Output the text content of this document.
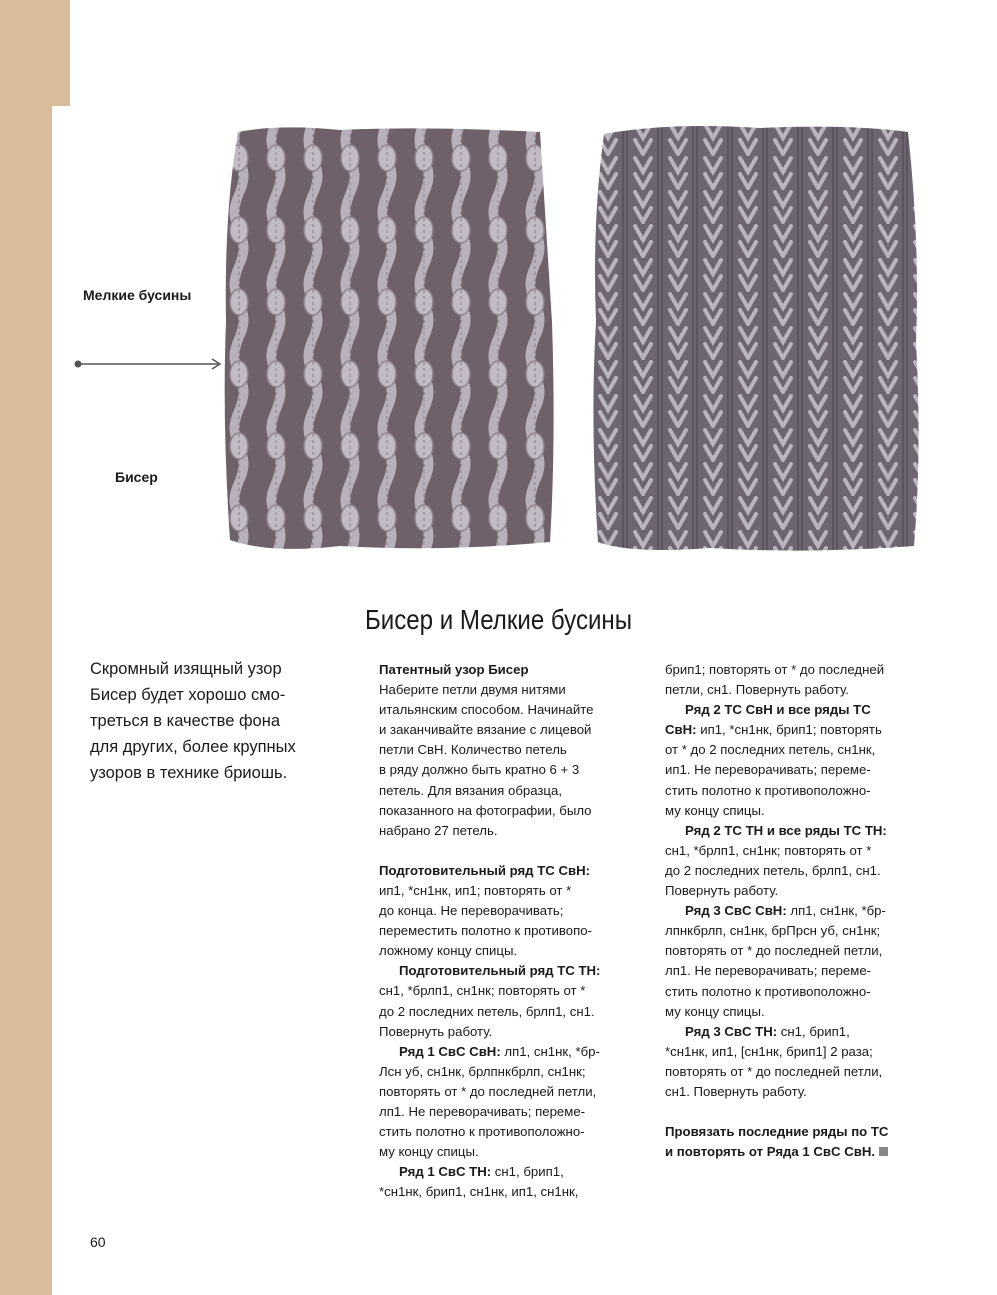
Мелкие бусины
Бисер
Бисер и Мелкие бусины

Скромный изящный узор

Бисер будет хорошо смо-

треться в качестве фона

для других, более крупных

узоров в технике бриошь.

Патентный узор Бисер

Наберите петли двумя нитями

итальянским способом. Начинайте

и заканчивайте вязание с лицевой

петли СвН. Количество петель

в ряду должно быть кратно 6 + 3

петель. Для вязания образца,

показанного на фотографии, было

набрано 27 петель.

Подготовительный ряд ТС СвН:

ип1, *сн1нк, ип1; повторять от *

до конца. Не переворачивать;

переместить полотно к противопо-

ложному концу спицы.

Подготовительный ряд ТС ТН:

сн1, *брлп1, сн1нк; повторять от *

до 2 последних петель, брлп1, сн1.

Повернуть работу.

Ряд 1 СвС СвН: лп1, сн1нк, *бр-

Лсн уб, сн1нк, брлпнкбрлп, сн1нк;

повторять от * до последней петли,

лп1. Не переворачивать; переме-

стить полотно к противоположно-

му концу спицы.

Ряд 1 СвС ТН: сн1, брип1,

*сн1нк, брип1, сн1нк, ип1, сн1нк,

брип1; повторять от * до последней

петли, сн1. Повернуть работу.

Ряд 2 ТС СвН и все ряды ТС

СвН: ип1, *сн1нк, брип1; повторять

от * до 2 последних петель, сн1нк,

ип1. Не переворачивать; переме-

стить полотно к противоположно-

му концу спицы.

Ряд 2 ТС ТН и все ряды ТС ТН:

сн1, *брлп1, сн1нк; повторять от *

до 2 последних петель, брлп1, сн1.

Повернуть работу.

Ряд 3 СвС СвН: лп1, сн1нк, *бр-

лпнкбрлп, сн1нк, брПрсн уб, сн1нк;

повторять от * до последней петли,

лп1. Не переворачивать; переме-

стить полотно к противоположно-

му концу спицы.

Ряд 3 СвС ТН: сн1, брип1,

*сн1нк, ип1, [сн1нк, брип1] 2 раза;

повторять от * до последней петли,

сн1. Повернуть работу.

Провязать последние ряды по ТС

и повторять от Ряда 1 СвС СвН.

60
